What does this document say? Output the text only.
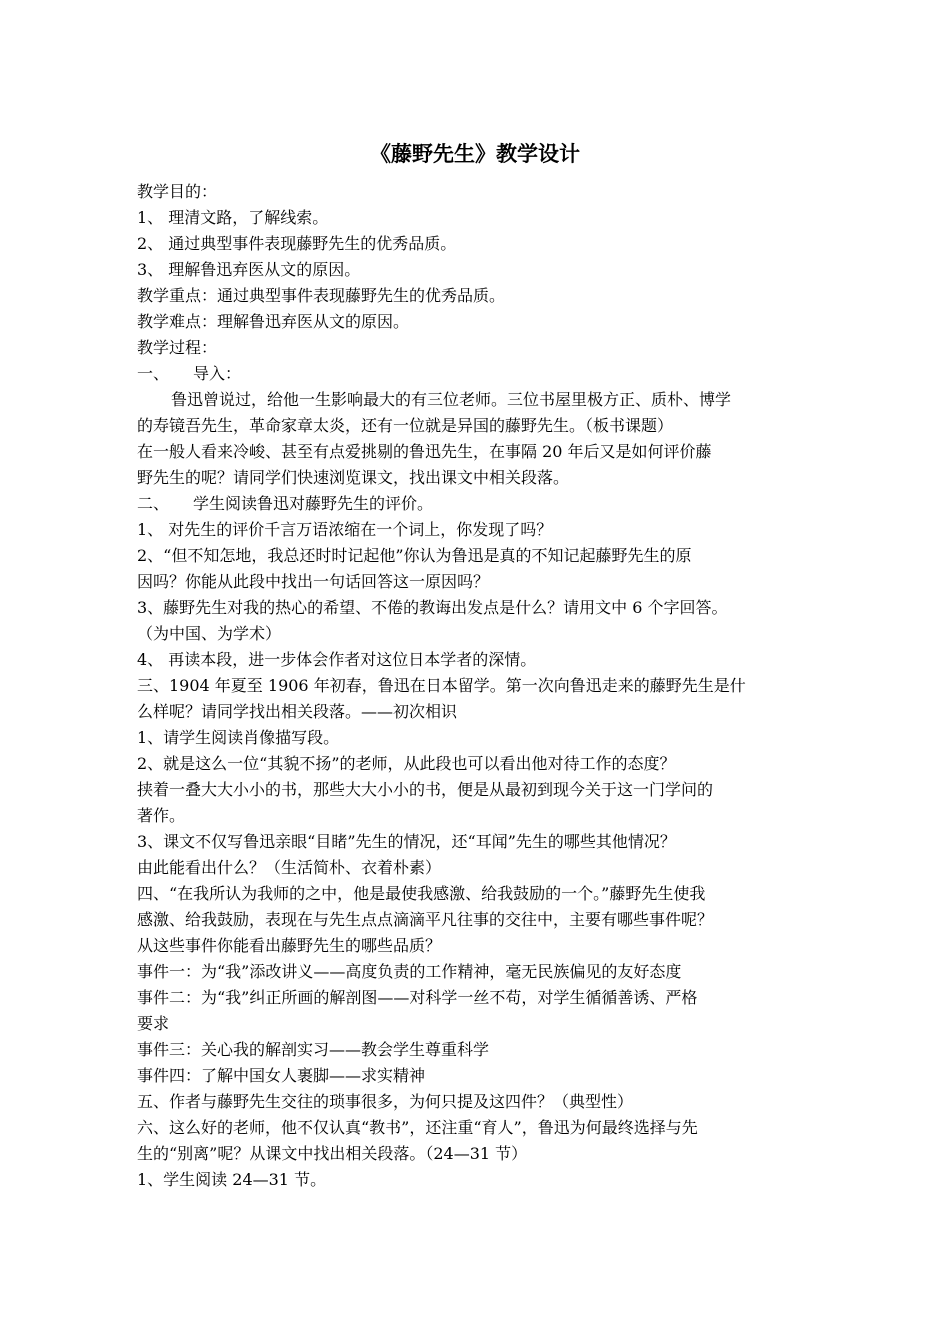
《藤野先生》教学设计

教学目的：

1、 理清文路，了解线索。

2、 通过典型事件表现藤野先生的优秀品质。

3、 理解鲁迅弃医从文的原因。

教学重点：通过典型事件表现藤野先生的优秀品质。

教学难点：理解鲁迅弃医从文的原因。

教学过程：

一、　　导入：

鲁迅曾说过，给他一生影响最大的有三位老师。三位书屋里极方正、质朴、博学

的寿镜吾先生，革命家章太炎，还有一位就是异国的藤野先生。（板书课题）

在一般人看来冷峻、甚至有点爱挑剔的鲁迅先生，在事隔 20 年后又是如何评价藤

野先生的呢？请同学们快速浏览课文，找出课文中相关段落。

二、　　学生阅读鲁迅对藤野先生的评价。

1、 对先生的评价千言万语浓缩在一个词上，你发现了吗？

2、“但不知怎地，我总还时时记起他”你认为鲁迅是真的不知记起藤野先生的原

因吗？你能从此段中找出一句话回答这一原因吗？

3、藤野先生对我的热心的希望、不倦的教诲出发点是什么？请用文中 6 个字回答。

（为中国、为学术）

4、 再读本段，进一步体会作者对这位日本学者的深情。

三、1904 年夏至 1906 年初春，鲁迅在日本留学。第一次向鲁迅走来的藤野先生是什

么样呢？请同学找出相关段落。——初次相识

1、请学生阅读肖像描写段。

2、就是这么一位“其貌不扬”的老师，从此段也可以看出他对待工作的态度？

挟着一叠大大小小的书，那些大大小小的书，便是从最初到现今关于这一门学问的

著作。

3、课文不仅写鲁迅亲眼“目睹”先生的情况，还“耳闻”先生的哪些其他情况？

由此能看出什么？（生活简朴、衣着朴素）

四、“在我所认为我师的之中，他是最使我感激、给我鼓励的一个。”藤野先生使我

感激、给我鼓励，表现在与先生点点滴滴平凡往事的交往中，主要有哪些事件呢？

从这些事件你能看出藤野先生的哪些品质？

事件一：为“我”添改讲义——高度负责的工作精神，毫无民族偏见的友好态度

事件二：为“我”纠正所画的解剖图——对科学一丝不苟，对学生循循善诱、严格

要求

事件三：关心我的解剖实习——教会学生尊重科学

事件四：了解中国女人裹脚——求实精神

五、作者与藤野先生交往的琐事很多，为何只提及这四件？（典型性）

六、这么好的老师，他不仅认真“教书”，还注重“育人”，鲁迅为何最终选择与先

生的“别离”呢？从课文中找出相关段落。（24—31 节）

1、学生阅读 24—31 节。
